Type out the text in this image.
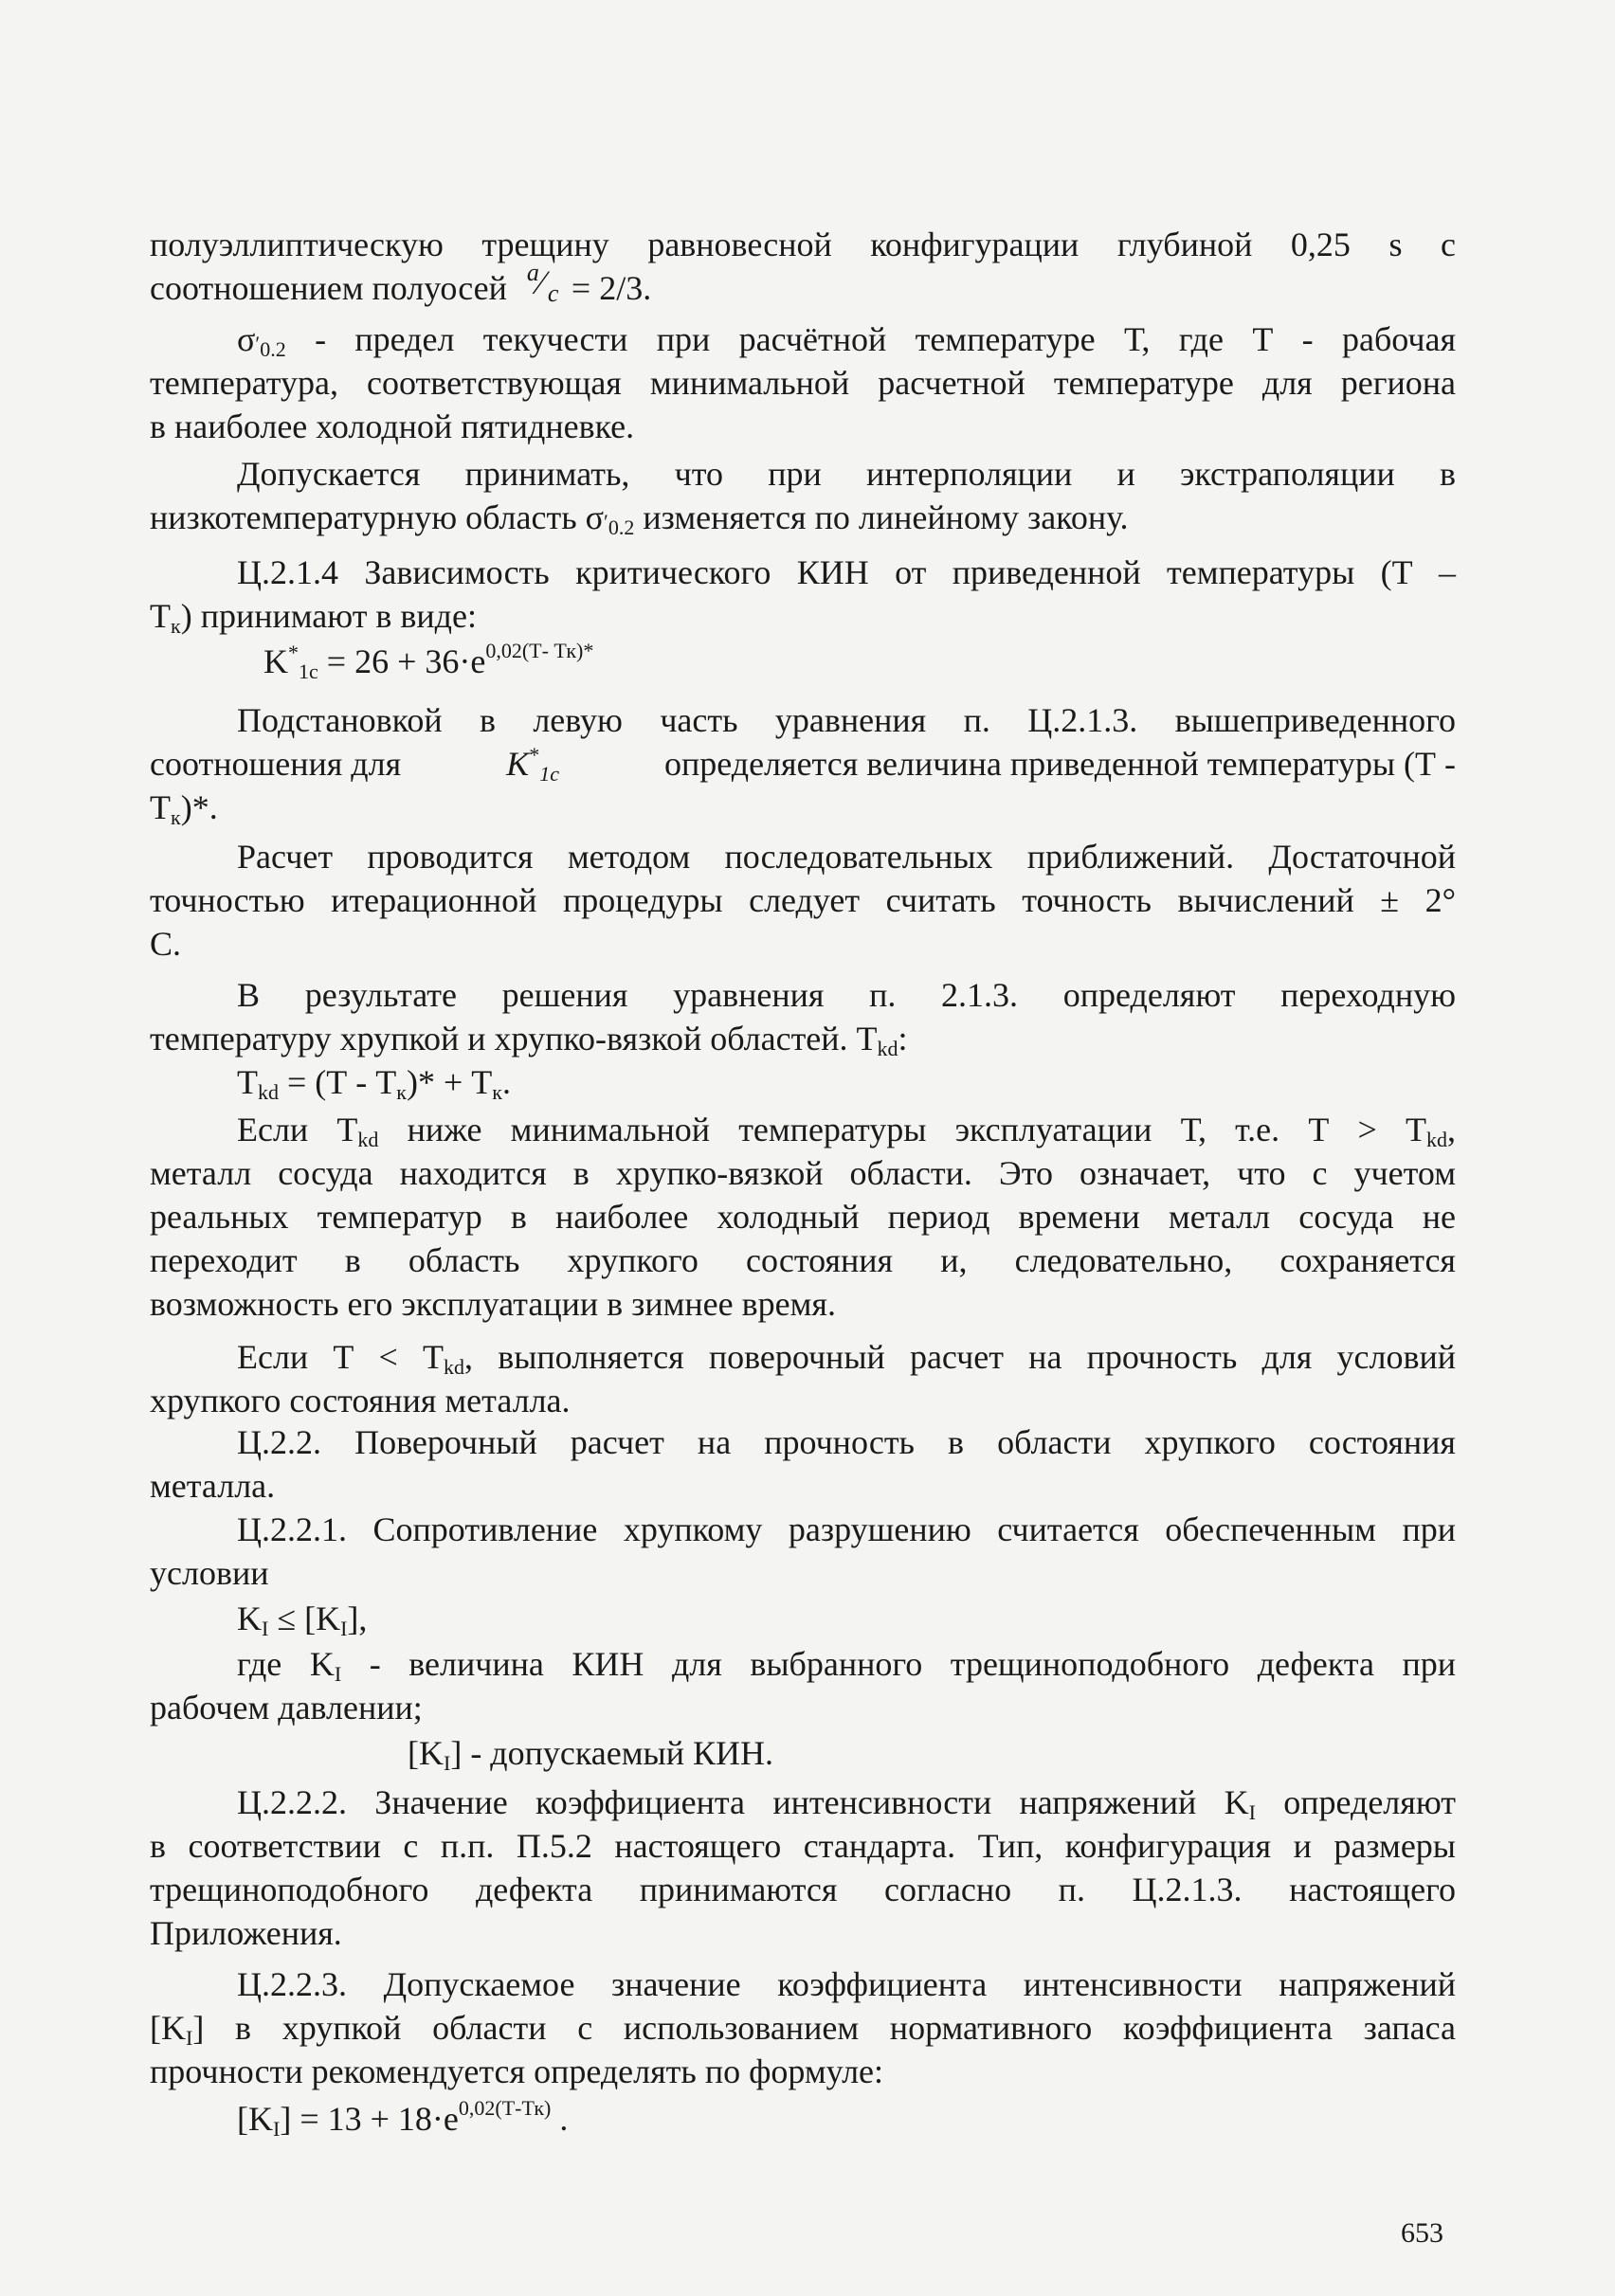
полуэллиптическую трещину равновесной конфигурации глубиной 0,25 s с
соотношением полуосей a ⁄ c = 2/3.
$\sigma'_{0.2}$ - предел текучести при расчётной температуре Т, где Т - рабочая
температура, соответствующая минимальной расчетной температуре для региона
в наиболее холодной пятидневке.
Допускается принимать, что при интерполяции и экстраполяции в
низкотемпературную область $\sigma'_{0.2}$ изменяется по линейному закону.
Ц.2.1.4 Зависимость критического КИН от приведенной температуры (Т –
$Т_к$) принимают в виде:
$K^*_{1c} = 26 + 36\cdot e^{0,02(Т- Тк)*}$
Подстановкой в левую часть уравнения п. Ц.2.1.3. вышеприведенного
соотношения для	$K^*_{1c}$	определяется величина приведенной температуры (Т -
$Т_к)*$.
Расчет проводится методом последовательных приближений. Достаточной
точностью итерационной процедуры следует считать точность вычислений ± 2°
С.
В результате решения уравнения п. 2.1.3. определяют переходную
температуру хрупкой и хрупко-вязкой областей. $Т_{kd}$:
$Т_{kd} = (Т - Т_к)* + Т_к$.
Если $Т_{kd}$ ниже минимальной температуры эксплуатации Т, т.е. $Т > Т_{kd}$,
металл сосуда находится в хрупко-вязкой области. Это означает, что с учетом
реальных температур в наиболее холодный период времени металл сосуда не
переходит в область хрупкого состояния и, следовательно, сохраняется
возможность его эксплуатации в зимнее время.
Если $Т < Т_{kd}$, выполняется поверочный расчет на прочность для условий
хрупкого состояния металла.
Ц.2.2. Поверочный расчет на прочность в области хрупкого состояния
металла.
Ц.2.2.1. Сопротивление хрупкому разрушению считается обеспеченным при
условии
$K_I \le [K_I]$,
где $K_I$ - величина КИН для выбранного трещиноподобного дефекта при
рабочем давлении;
$[K_I]$ - допускаемый КИН.
Ц.2.2.2. Значение коэффициента интенсивности напряжений $K_I$ определяют
в соответствии с п.п. П.5.2 настоящего стандарта. Тип, конфигурация и размеры
трещиноподобного дефекта принимаются согласно п. Ц.2.1.3. настоящего
Приложения.
Ц.2.2.3. Допускаемое значение коэффициента интенсивности напряжений
$[K_I]$ в хрупкой области с использованием нормативного коэффициента запаса
прочности рекомендуется определять по формуле:
$[K_I] = 13 + 18\cdot e^{0,02(Т-Тк)}$ .
653
